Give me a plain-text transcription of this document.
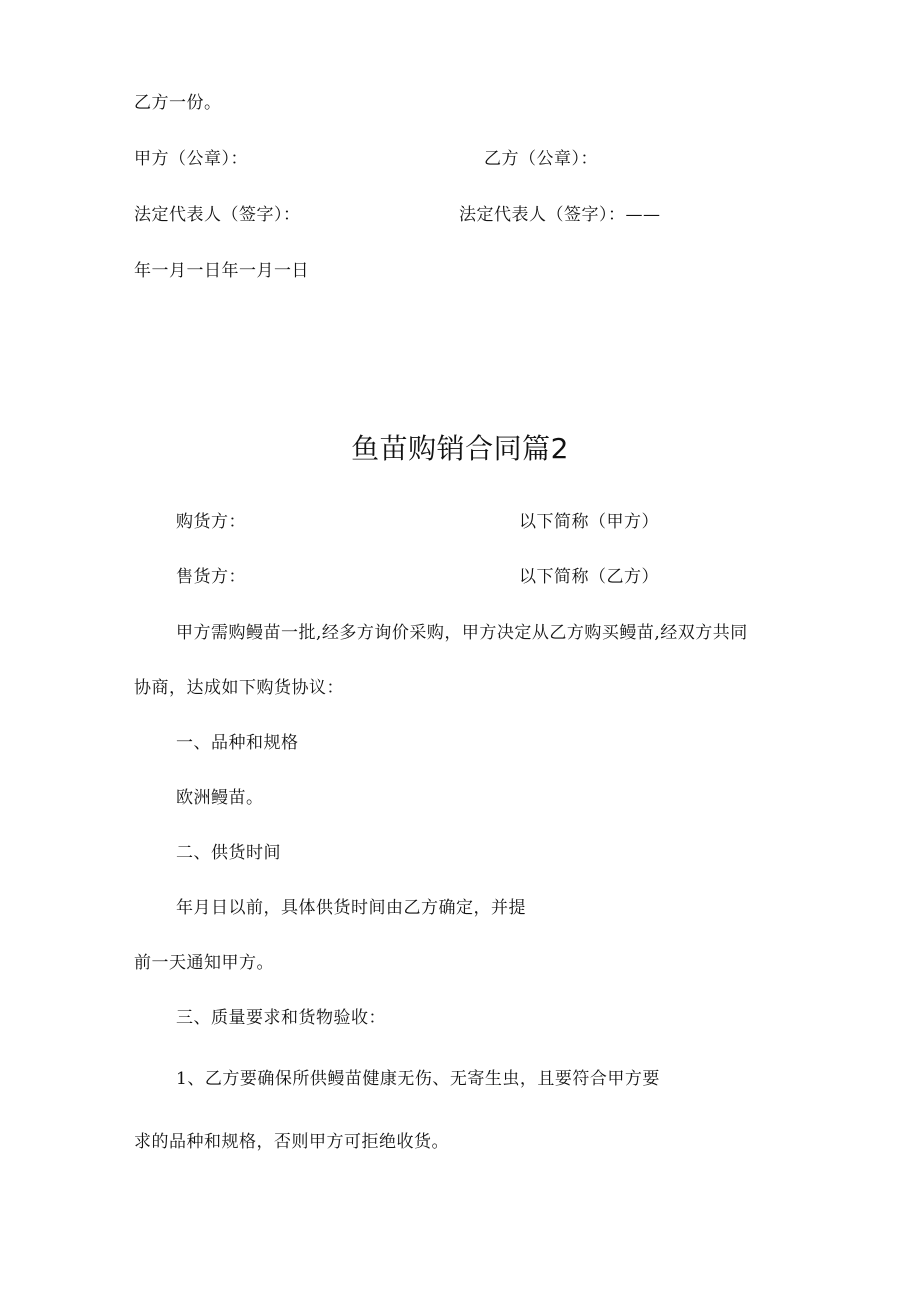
乙方一份。
甲方（公章）：	乙方（公章）：
法定代表人（签字）：	法定代表人（签字）：——
年一月一日年一月一日
鱼苗购销合同篇2
购货方：	以下简称（甲方）
售货方：	以下简称（乙方）
甲方需购鳗苗一批,经多方询价采购，甲方决定从乙方购买鳗苗,经双方共同
协商，达成如下购货协议：
一、品种和规格
欧洲鳗苗。
二、供货时间
年月日以前，具体供货时间由乙方确定，并提
前一天通知甲方。
三、质量要求和货物验收：
1、乙方要确保所供鳗苗健康无伤、无寄生虫，且要符合甲方要
求的品种和规格，否则甲方可拒绝收货。
